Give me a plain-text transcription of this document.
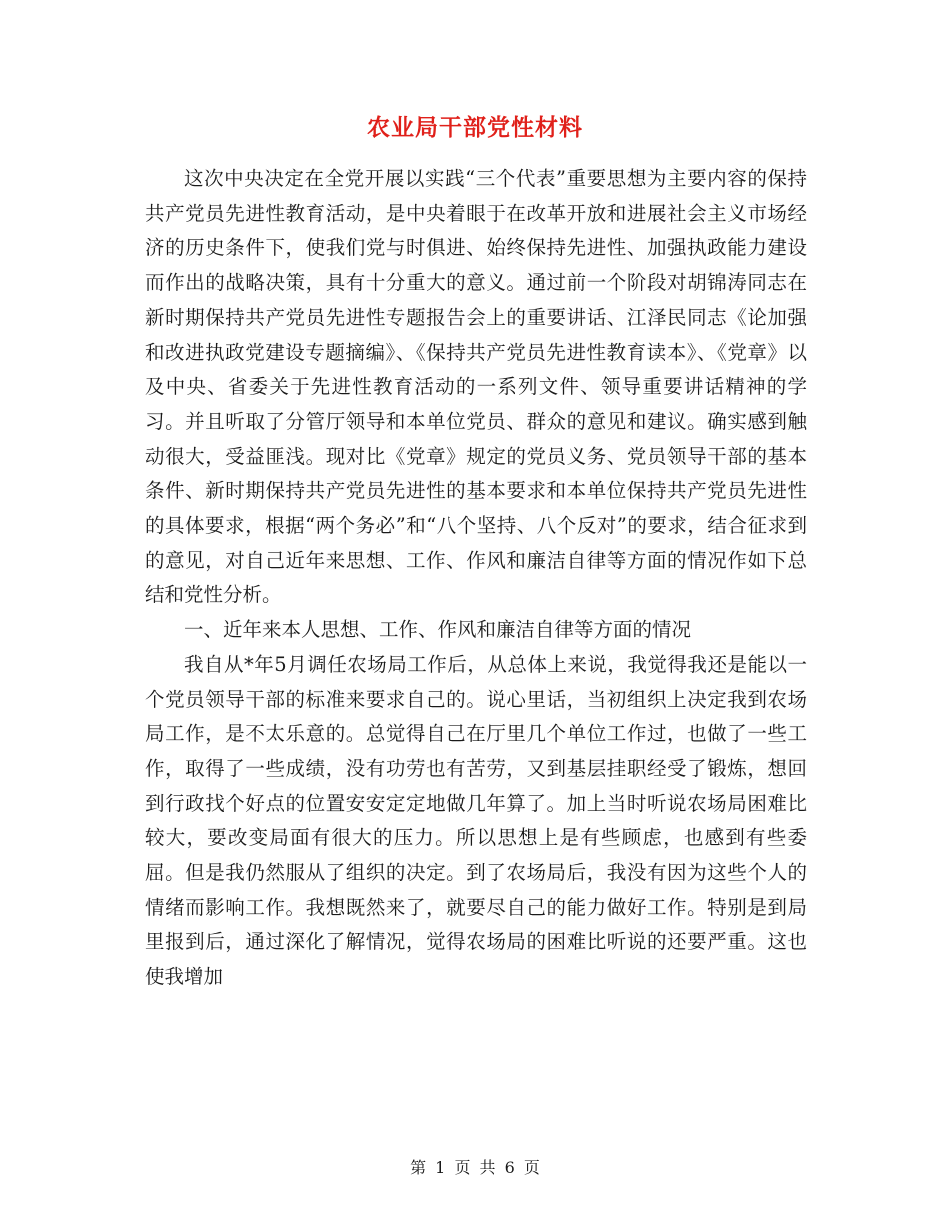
农业局干部党性材料

这次中央决定在全党开展以实践“三个代表”重要思想为主要内容的保持共产党员先进性教育活动，是中央着眼于在改革开放和进展社会主义市场经济的历史条件下，使我们党与时俱进、始终保持先进性、加强执政能力建设而作出的战略决策，具有十分重大的意义。通过前一个阶段对胡锦涛同志在新时期保持共产党员先进性专题报告会上的重要讲话、江泽民同志《论加强和改进执政党建设专题摘编》、《保持共产党员先进性教育读本》、《党章》以及中央、省委关于先进性教育活动的一系列文件、领导重要讲话精神的学习。并且听取了分管厅领导和本单位党员、群众的意见和建议。确实感到触动很大，受益匪浅。现对比《党章》规定的党员义务、党员领导干部的基本条件、新时期保持共产党员先进性的基本要求和本单位保持共产党员先进性的具体要求，根据“两个务必”和“八个坚持、八个反对”的要求，结合征求到的意见，对自己近年来思想、工作、作风和廉洁自律等方面的情况作如下总结和党性分析。

一、近年来本人思想、工作、作风和廉洁自律等方面的情况

我自从*年5月调任农场局工作后，从总体上来说，我觉得我还是能以一个党员领导干部的标准来要求自己的。说心里话，当初组织上决定我到农场局工作，是不太乐意的。总觉得自己在厅里几个单位工作过，也做了一些工作，取得了一些成绩，没有功劳也有苦劳，又到基层挂职经受了锻炼，想回到行政找个好点的位置安安定定地做几年算了。加上当时听说农场局困难比较大，要改变局面有很大的压力。所以思想上是有些顾虑，也感到有些委屈。但是我仍然服从了组织的决定。到了农场局后，我没有因为这些个人的情绪而影响工作。我想既然来了，就要尽自己的能力做好工作。特别是到局里报到后，通过深化了解情况，觉得农场局的困难比听说的还要严重。这也使我增加

第 1 页 共 6 页
